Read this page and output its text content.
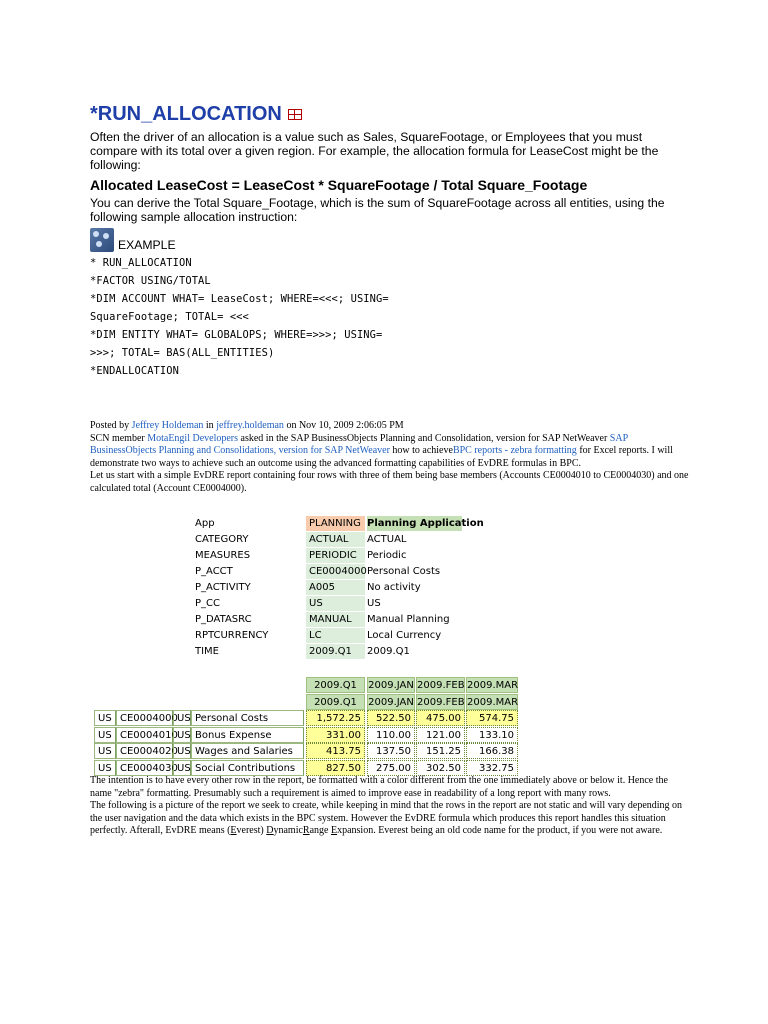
*RUN_ALLOCATION

Often the driver of an allocation is a value such as Sales, SquareFootage, or Employees that you must compare with its total over a given region. For example, the allocation formula for LeaseCost might be the following:

Allocated LeaseCost = LeaseCost * SquareFootage / Total Square_Footage

You can derive the Total Square_Footage, which is the sum of SquareFootage across all entities, using the following sample allocation instruction:

EXAMPLE
* RUN_ALLOCATION
*FACTOR USING/TOTAL
*DIM ACCOUNT WHAT= LeaseCost; WHERE=<<<; USING=
SquareFootage; TOTAL= <<<
*DIM ENTITY WHAT= GLOBALOPS; WHERE=>>>; USING=
>>>; TOTAL= BAS(ALL_ENTITIES)
*ENDALLOCATION

Posted by Jeffrey Holdeman in jeffrey.holdeman on Nov 10, 2009 2:06:05 PM

SCN member MotaEngil Developers asked in the SAP BusinessObjects Planning and Consolidation, version for SAP NetWeaver SAP BusinessObjects Planning and Consolidations, version for SAP NetWeaver how to achieveBPC reports - zebra formatting for Excel reports. I will demonstrate two ways to achieve such an outcome using the advanced formatting capabilities of EvDRE formulas in BPC.

Let us start with a simple EvDRE report containing four rows with three of them being base members (Accounts CE0004010 to CE0004030) and one calculated total (Account CE0004000).

App	PLANNING Planning Application
CATEGORY	ACTUAL	ACTUAL
MEASURES	PERIODIC	Periodic
P_ACCT	CE0004000 Personal Costs
P_ACTIVITY	A005	No activity
P_CC	US	US
P_DATASRC	MANUAL	Manual Planning
RPTCURRENCY	LC	Local Currency
TIME	2009.Q1	2009.Q1
2009.Q1	2009.JAN 2009.FEB 2009.MAR
2009.Q1	2009.JAN 2009.FEB 2009.MAR
US CE0004000 US Personal Costs	1,572.25	522.50	475.00	574.75
US CE0004010 US Bonus Expense	331.00	110.00	121.00	133.10
US CE0004020 US Wages and Salaries	413.75	137.50	151.25	166.38
US CE0004030 US Social Contributions	827.50	275.00	302.50	332.75

The intention is to have every other row in the report, be formatted with a color different from the one immediately above or below it. Hence the name "zebra" formatting. Presumably such a requirement is aimed to improve ease in readability of a long report with many rows.

The following is a picture of the report we seek to create, while keeping in mind that the rows in the report are not static and will vary depending on the user navigation and the data which exists in the BPC system. However the EvDRE formula which produces this report handles this situation perfectly. Afterall, EvDRE means (Everest) DynamicRange Expansion. Everest being an old code name for the product, if you were not aware.
